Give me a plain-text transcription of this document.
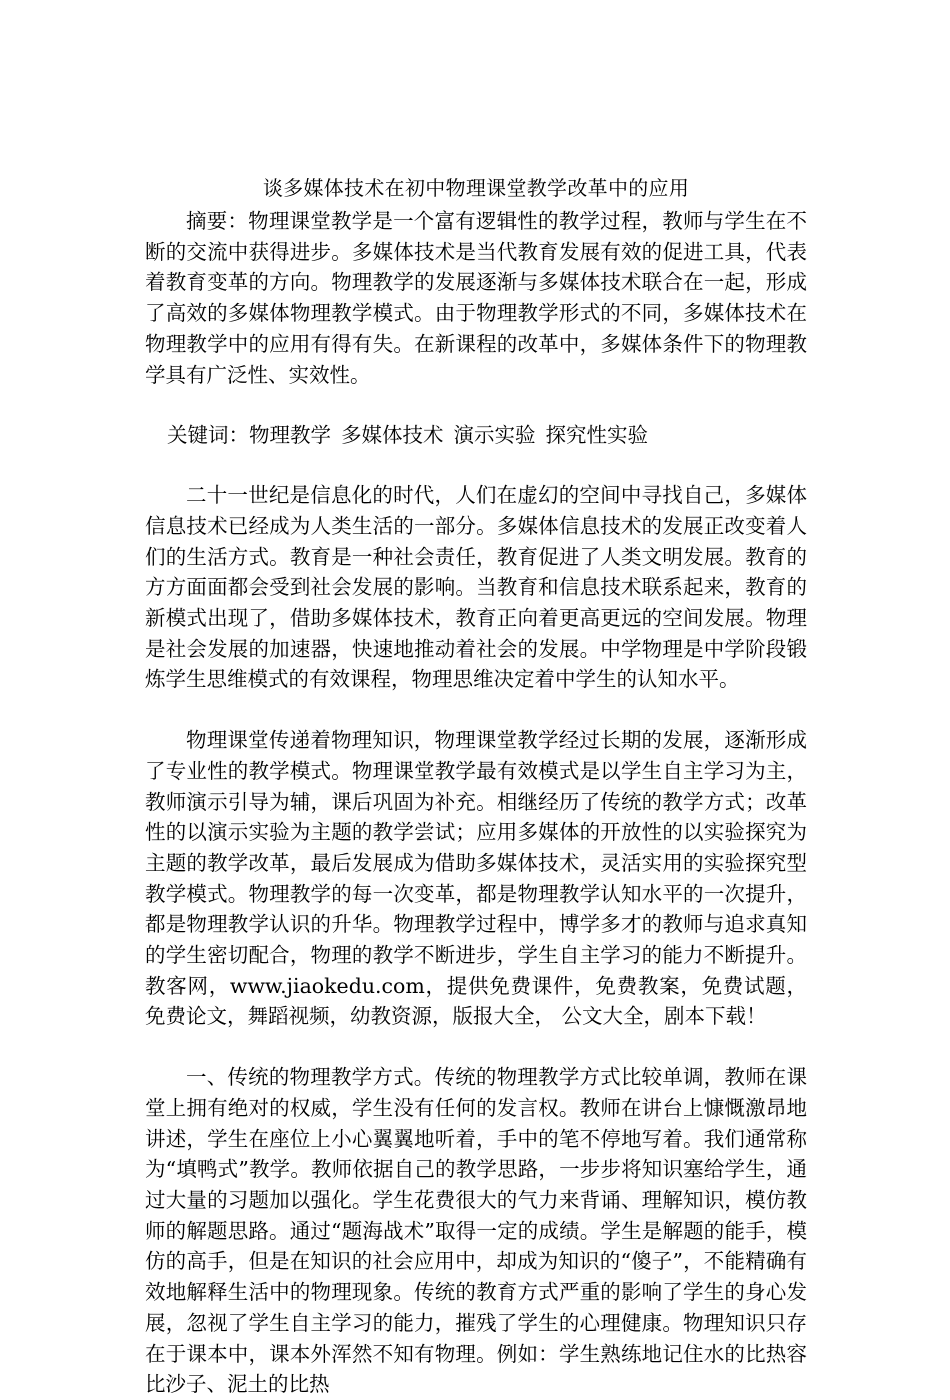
谈多媒体技术在初中物理课堂教学改革中的应用

摘要：物理课堂教学是一个富有逻辑性的教学过程，教师与学生在不断的交流中获得进步。多媒体技术是当代教育发展有效的促进工具，代表着教育变革的方向。物理教学的发展逐渐与多媒体技术联合在一起，形成了高效的多媒体物理教学模式。由于物理教学形式的不同，多媒体技术在物理教学中的应用有得有失。在新课程的改革中，多媒体条件下的物理教学具有广泛性、实效性。

关键词：物理教学 多媒体技术 演示实验 探究性实验

二十一世纪是信息化的时代，人们在虚幻的空间中寻找自己，多媒体信息技术已经成为人类生活的一部分。多媒体信息技术的发展正改变着人们的生活方式。教育是一种社会责任，教育促进了人类文明发展。教育的方方面面都会受到社会发展的影响。当教育和信息技术联系起来，教育的新模式出现了，借助多媒体技术，教育正向着更高更远的空间发展。物理是社会发展的加速器，快速地推动着社会的发展。中学物理是中学阶段锻炼学生思维模式的有效课程，物理思维决定着中学生的认知水平。

物理课堂传递着物理知识，物理课堂教学经过长期的发展，逐渐形成了专业性的教学模式。物理课堂教学最有效模式是以学生自主学习为主，教师演示引导为辅，课后巩固为补充。相继经历了传统的教学方式；改革性的以演示实验为主题的教学尝试；应用多媒体的开放性的以实验探究为主题的教学改革，最后发展成为借助多媒体技术，灵活实用的实验探究型教学模式。物理教学的每一次变革，都是物理教学认知水平的一次提升，都是物理教学认识的升华。物理教学过程中，博学多才的教师与追求真知的学生密切配合，物理的教学不断进步，学生自主学习的能力不断提升。教客网，www.jiaokedu.com，提供免费课件，免费教案，免费试题，免费论文，舞蹈视频，幼教资源，版报大全， 公文大全，剧本下载！

一、传统的物理教学方式。传统的物理教学方式比较单调，教师在课堂上拥有绝对的权威，学生没有任何的发言权。教师在讲台上慷慨激昂地讲述，学生在座位上小心翼翼地听着，手中的笔不停地写着。我们通常称为“填鸭式”教学。教师依据自己的教学思路，一步步将知识塞给学生，通过大量的习题加以强化。学生花费很大的气力来背诵、理解知识，模仿教师的解题思路。通过“题海战术”取得一定的成绩。学生是解题的能手，模仿的高手，但是在知识的社会应用中，却成为知识的“傻子”，不能精确有效地解释生活中的物理现象。传统的教育方式严重的影响了学生的身心发展，忽视了学生自主学习的能力，摧残了学生的心理健康。物理知识只存在于课本中，课本外浑然不知有物理。例如：学生熟练地记住水的比热容比沙子、泥土的比热
